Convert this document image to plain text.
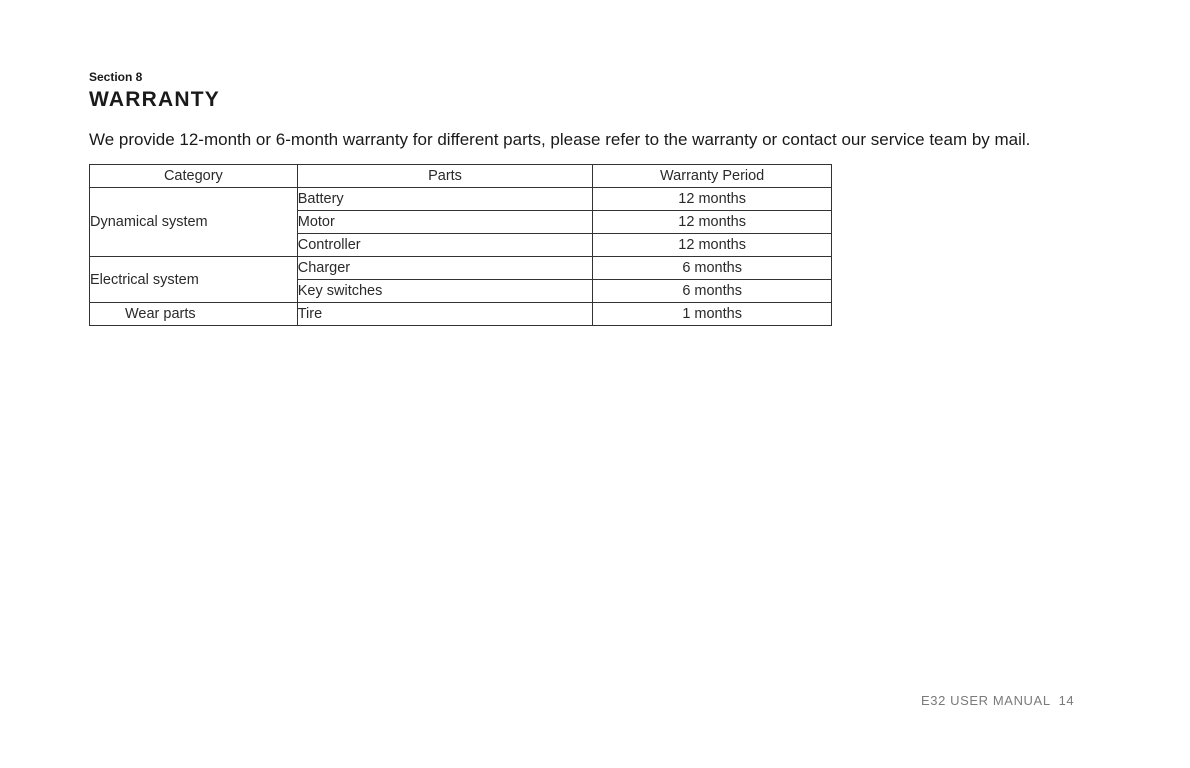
Section 8

WARRANTY

We provide 12-month or 6-month warranty for different parts, please refer to the warranty or contact our service team by mail.

Category	Parts	Warranty Period
Dynamical system	Battery	12 months
	Motor	12 months
	Controller	12 months
Electrical system	Charger	6 months
	Key switches	6 months
Wear parts	Tire	1 months

E32 USER MANUAL  14
